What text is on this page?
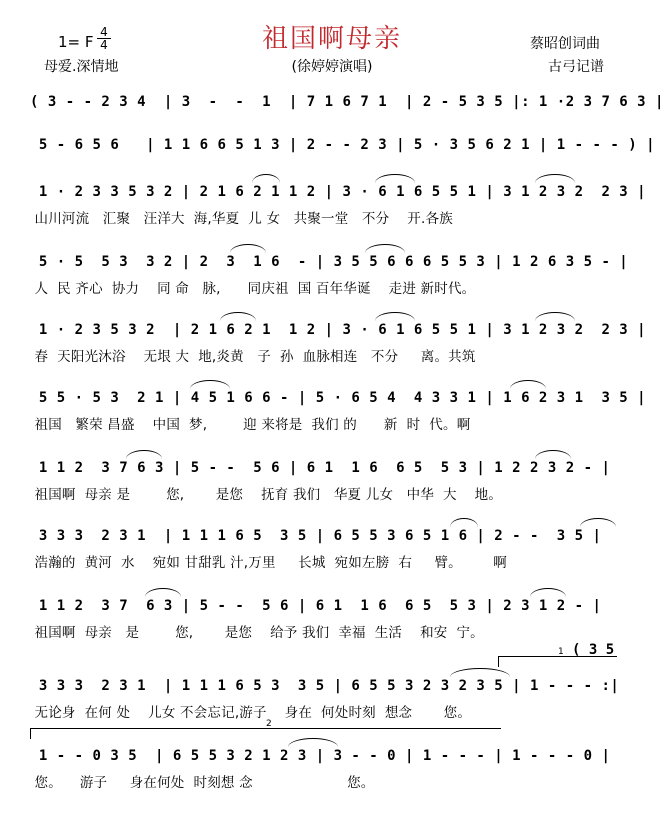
祖国啊母亲
1= F
4
4
母爱.深情地	(徐婷婷演唱)
蔡昭创词曲
古弓记谱
( 3 - - 2 3 4  | 3  -  -  1  | 7 1 6 7 1  | 2 - 5 3 5 |: 1 ·2 3 7 6 3 |
5 - 6 5 6   | 1 1 6 6 5 1 3 | 2 - - 2 3 | 5 · 3 5 6 2 1 | 1 - - - ) |
1 · 2 3 3 5 3 2 | 2 1 6 2 1 1 2 | 3 · 6 1 6 5 5 1 | 3 1 2 3 2  2 3 |
山川河流   汇聚   汪洋大  海,华夏  儿 女   共聚一堂   不分    开.各族
5 · 5  5 3  3 2 | 2  3  1 6  - | 3 5 5 6 6 6 5 5 3 | 1 2 6 3 5 - |
人  民 齐心  协力    同 命   脉,      同庆祖  国 百年华诞    走进 新时代。
1 · 2 3 5 3 2  | 2 1 6 2 1  1 2 | 3 · 6 1 6 5 5 1 | 3 1 2 3 2  2 3 |
春  天阳光沐浴    无垠 大  地,炎黄   子  孙  血脉相连   不分     离。共筑
5 5 · 5 3  2 1 | 4 5 1 6 6 - | 5 · 6 5 4  4 3 3 1 | 1 6 2 3 1  3 5 |
祖国   繁荣 昌盛    中国  梦,        迎 来将是  我们 的      新  时  代。啊
1 1 2  3 7 6 3 | 5 - -  5 6 | 6 1  1 6  6 5  5 3 | 1 2 2 3 2 - |
祖国啊  母亲 是        您,       是您    抚育 我们   华夏 儿女   中华  大    地。
3 3 3  2 3 1  | 1 1 1 6 5  3 5 | 6 5 5 3 6 5 1 6 | 2 - -  3 5 |
浩瀚的  黄河  水    宛如 甘甜乳 汁,万里     长城  宛如左膀  右     臂。       啊
1 1 2  3 7  6 3 | 5 - -  5 6 | 6 1  1 6  6 5  5 3 | 2 3 1 2 - |
祖国啊  母亲   是        您,       是您    给予 我们  幸福  生活    和安  宁。
1 ( 3 5
3 3 3  2 3 1  | 1 1 1 6 5 3  3 5 | 6 5 5 3 2 3 2 3 5 | 1 - - - :|
无论身  在何 处    儿女 不会忘记,游子    身在  何处时刻  想念       您。
2
1 - - 0 3 5  | 6 5 5 3 2 1 2 3 | 3 - - 0 | 1 - - - | 1 - - - 0 |
您。    游子     身在何处  时刻想 念                     您。
